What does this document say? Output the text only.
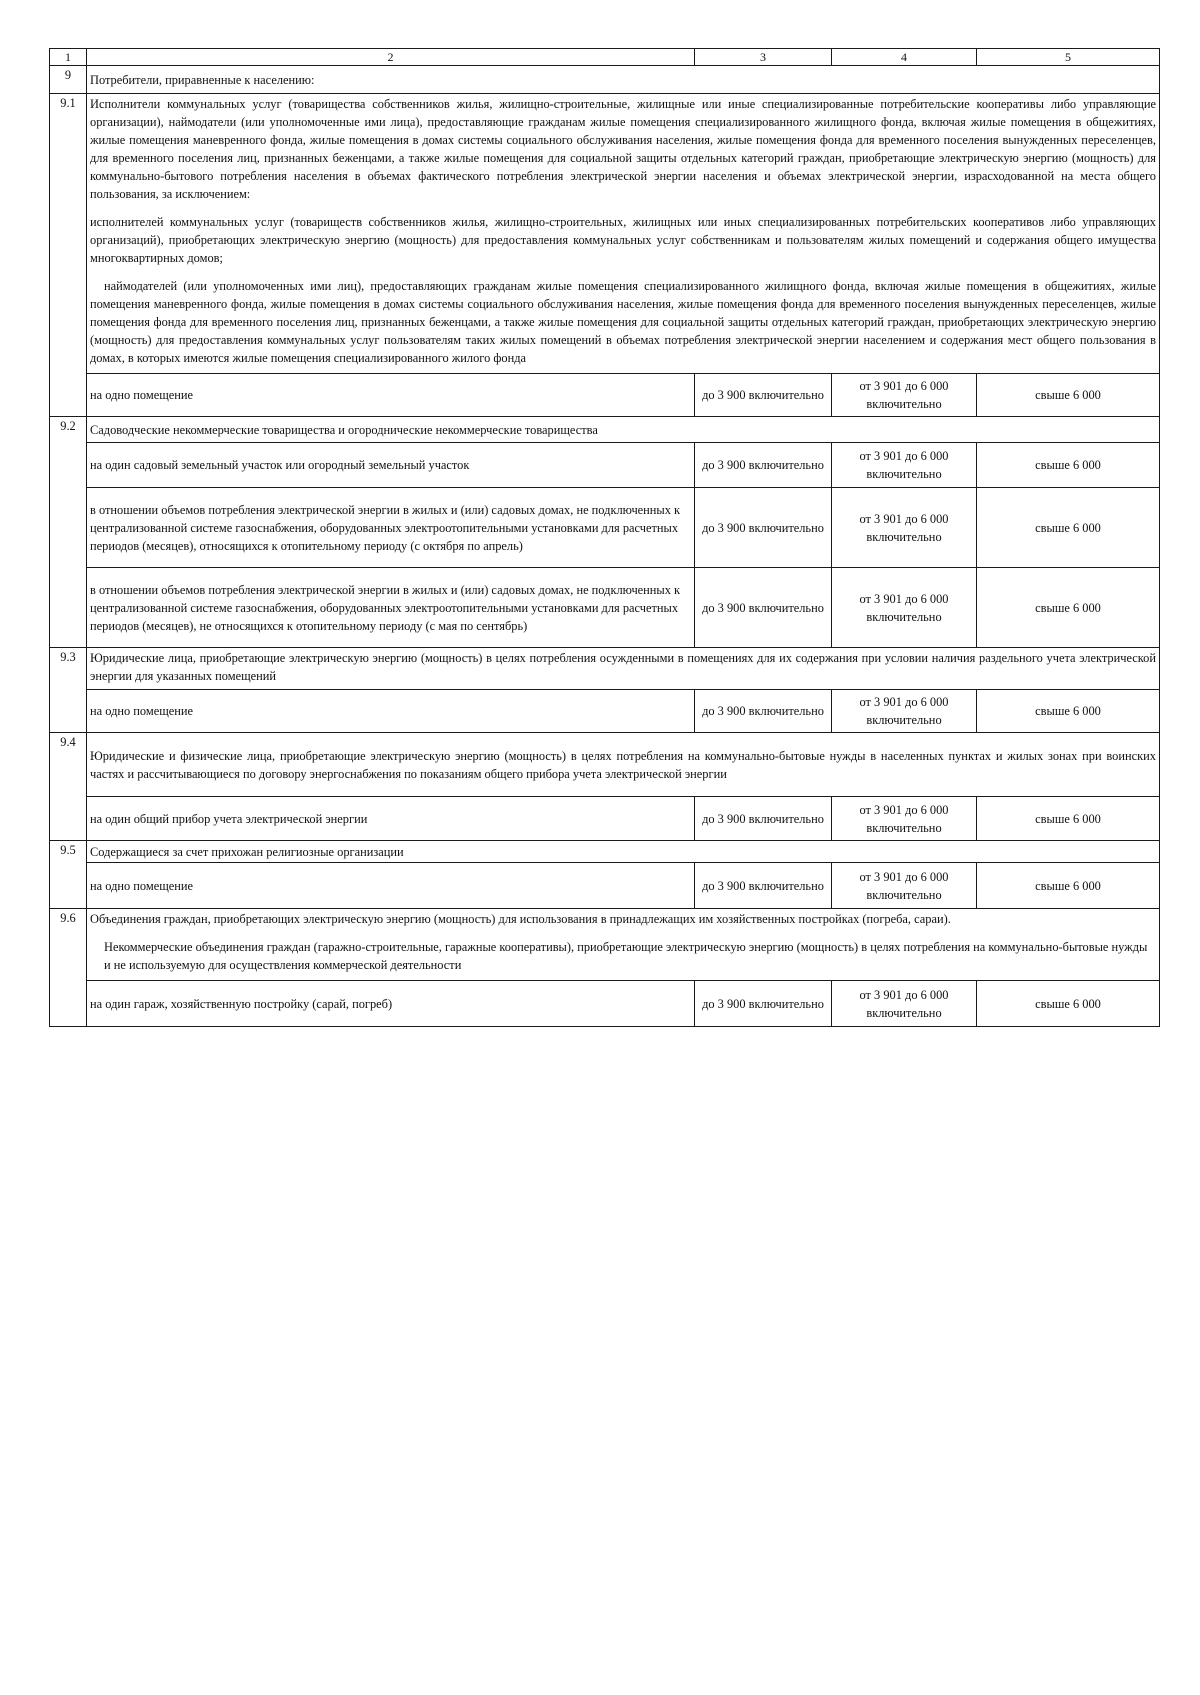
1	2	3	4	5
9	Потребители, приравненные к населению:			
9.1	Исполнители коммунальных услуг (товарищества собственников жилья, жилищно-строительные, жилищные или иные специализированные потребительские кооперативы либо управляющие организации), наймодатели (или уполномоченные ими лица), предоставляющие гражданам жилые помещения специализированного жилищного фонда, включая жилые помещения в общежитиях, жилые помещения маневренного фонда, жилые помещения в домах системы социального обслуживания населения, жилые помещения фонда для временного поселения вынужденных переселенцев, для временного поселения лиц, признанных беженцами, а также жилые помещения для социальной защиты отдельных категорий граждан, приобретающие электрическую энергию (мощность) для коммунально-бытового потребления населения в объемах фактического потребления электрической энергии населения и объемах электрической энергии, израсходованной на места общего пользования, за исключением:
исполнителей коммунальных услуг (товариществ собственников жилья, жилищно-строительных, жилищных или иных специализированных потребительских кооперативов либо управляющих организаций), приобретающих электрическую энергию (мощность) для предоставления коммунальных услуг собственникам и пользователям жилых помещений и содержания общего имущества многоквартирных домов;
наймодателей (или уполномоченных ими лиц), предоставляющих гражданам жилые помещения специализированного жилищного фонда, включая жилые помещения в общежитиях, жилые помещения маневренного фонда, жилые помещения в домах системы социального обслуживания населения, жилые помещения фонда для временного поселения вынужденных переселенцев, жилые помещения фонда для временного поселения лиц, признанных беженцами, а также жилые помещения для социальной защиты отдельных категорий граждан, приобретающих электрическую энергию (мощность) для предоставления коммунальных услуг пользователям таких жилых помещений в объемах потребления электрической энергии населением и содержания мест общего пользования в домах, в которых имеются жилые помещения специализированного жилого фонда			

	на одно помещение	до 3 900 включительно	от 3 901 до 6 000 включительно	свыше 6 000
9.2	Садоводческие некоммерческие товарищества и огороднические некоммерческие товарищества			
	на один садовый земельный участок или огородный земельный участок	до 3 900 включительно	от 3 901 до 6 000 включительно	свыше 6 000
	в отношении объемов потребления электрической энергии в жилых и (или) садовых домах, не подключенных к централизованной системе газоснабжения, оборудованных электроотопительными установками для расчетных периодов (месяцев), относящихся к отопительному периоду (с октября по апрель)	до 3 900 включительно	от 3 901 до 6 000 включительно	свыше 6 000
	в отношении объемов потребления электрической энергии в жилых и (или) садовых домах, не подключенных к централизованной системе газоснабжения, оборудованных электроотопительными установками для расчетных периодов (месяцев), не относящихся к отопительному периоду (с мая по сентябрь)	до 3 900 включительно	от 3 901 до 6 000 включительно	свыше 6 000
9.3	Юридические лица, приобретающие электрическую энергию (мощность) в целях потребления осужденными в помещениях для их содержания при условии наличия раздельного учета электрической энергии для указанных помещений			
	на одно помещение	до 3 900 включительно	от 3 901 до 6 000 включительно	свыше 6 000
9.4	Юридические и физические лица, приобретающие электрическую энергию (мощность) в целях потребления на коммунально-бытовые нужды в населенных пунктах и жилых зонах при воинских частях и рассчитывающиеся по договору энергоснабжения по показаниям общего прибора учета электрической энергии			
	на один общий прибор учета электрической энергии	до 3 900 включительно	от 3 901 до 6 000 включительно	свыше 6 000
9.5	Содержащиеся за счет прихожан религиозные организации			
	на одно помещение	до 3 900 включительно	от 3 901 до 6 000 включительно	свыше 6 000
9.6	Объединения граждан, приобретающих электрическую энергию (мощность) для использования в принадлежащих им хозяйственных постройках (погреба, сараи).
Некоммерческие объединения граждан (гаражно-строительные, гаражные кооперативы), приобретающие электрическую энергию (мощность) в целях потребления на коммунально-бытовые нужды и не используемую для осуществления коммерческой деятельности			

	на один гараж, хозяйственную постройку (сарай, погреб)	до 3 900 включительно	от 3 901 до 6 000 включительно	свыше 6 000
